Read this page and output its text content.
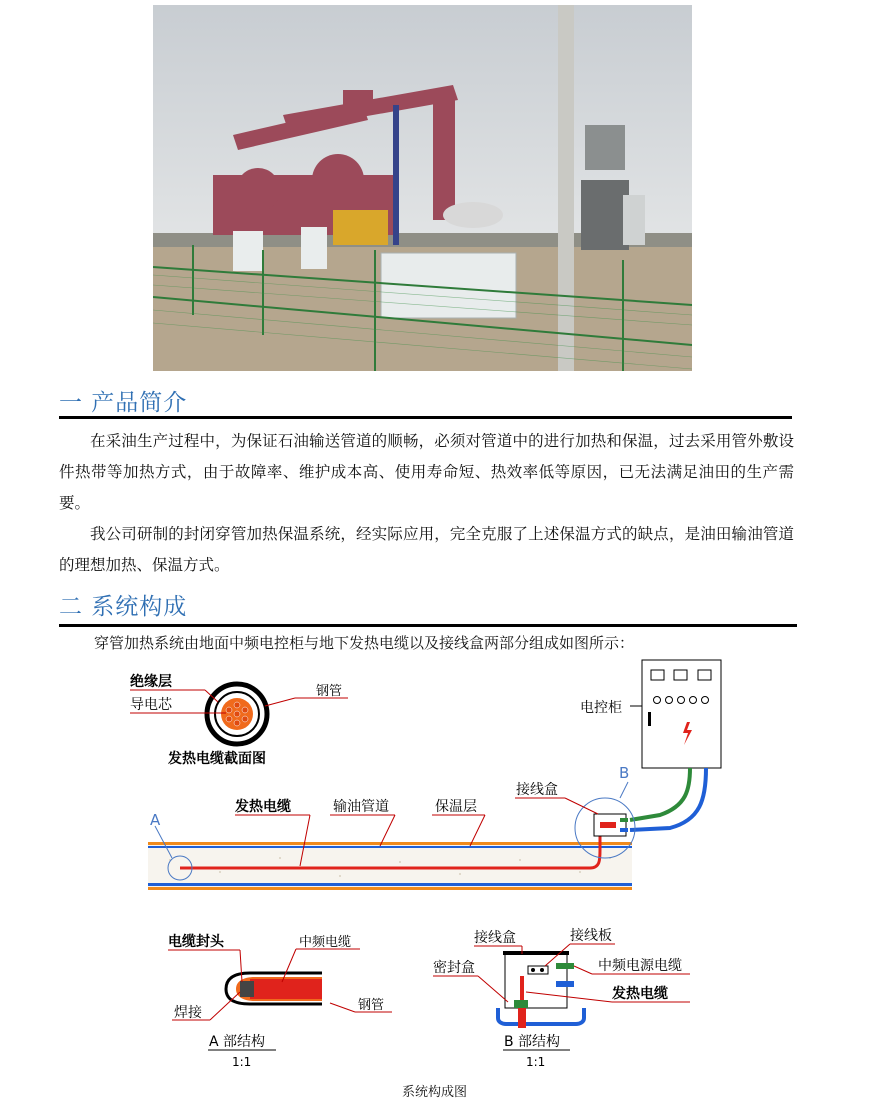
一 产品简介

在采油生产过程中，为保证石油输送管道的顺畅，必须对管道中的进行加热和保温，过去采用管外敷设件热带等加热方式，由于故障率、维护成本高、使用寿命短、热效率低等原因，已无法满足油田的生产需要。

我公司研制的封闭穿管加热保温系统，经实际应用，完全克服了上述保温方式的缺点，是油田输油管道的理想加热、保温方式。

二 系统构成
穿管加热系统由地面中频电控柜与地下发热电缆以及接线盒两部分组成如图所示：
绝缘层
导电芯
钢管
发热电缆截面图
电控柜
A
B
接线盒
发热电缆	输油管道	保温层
电缆封头	中频电缆
焊接	钢管
A 部结构
1:1
接线盒	接线板
密封盒	中频电源电缆
发热电缆
B 部结构
1:1
系统构成图
